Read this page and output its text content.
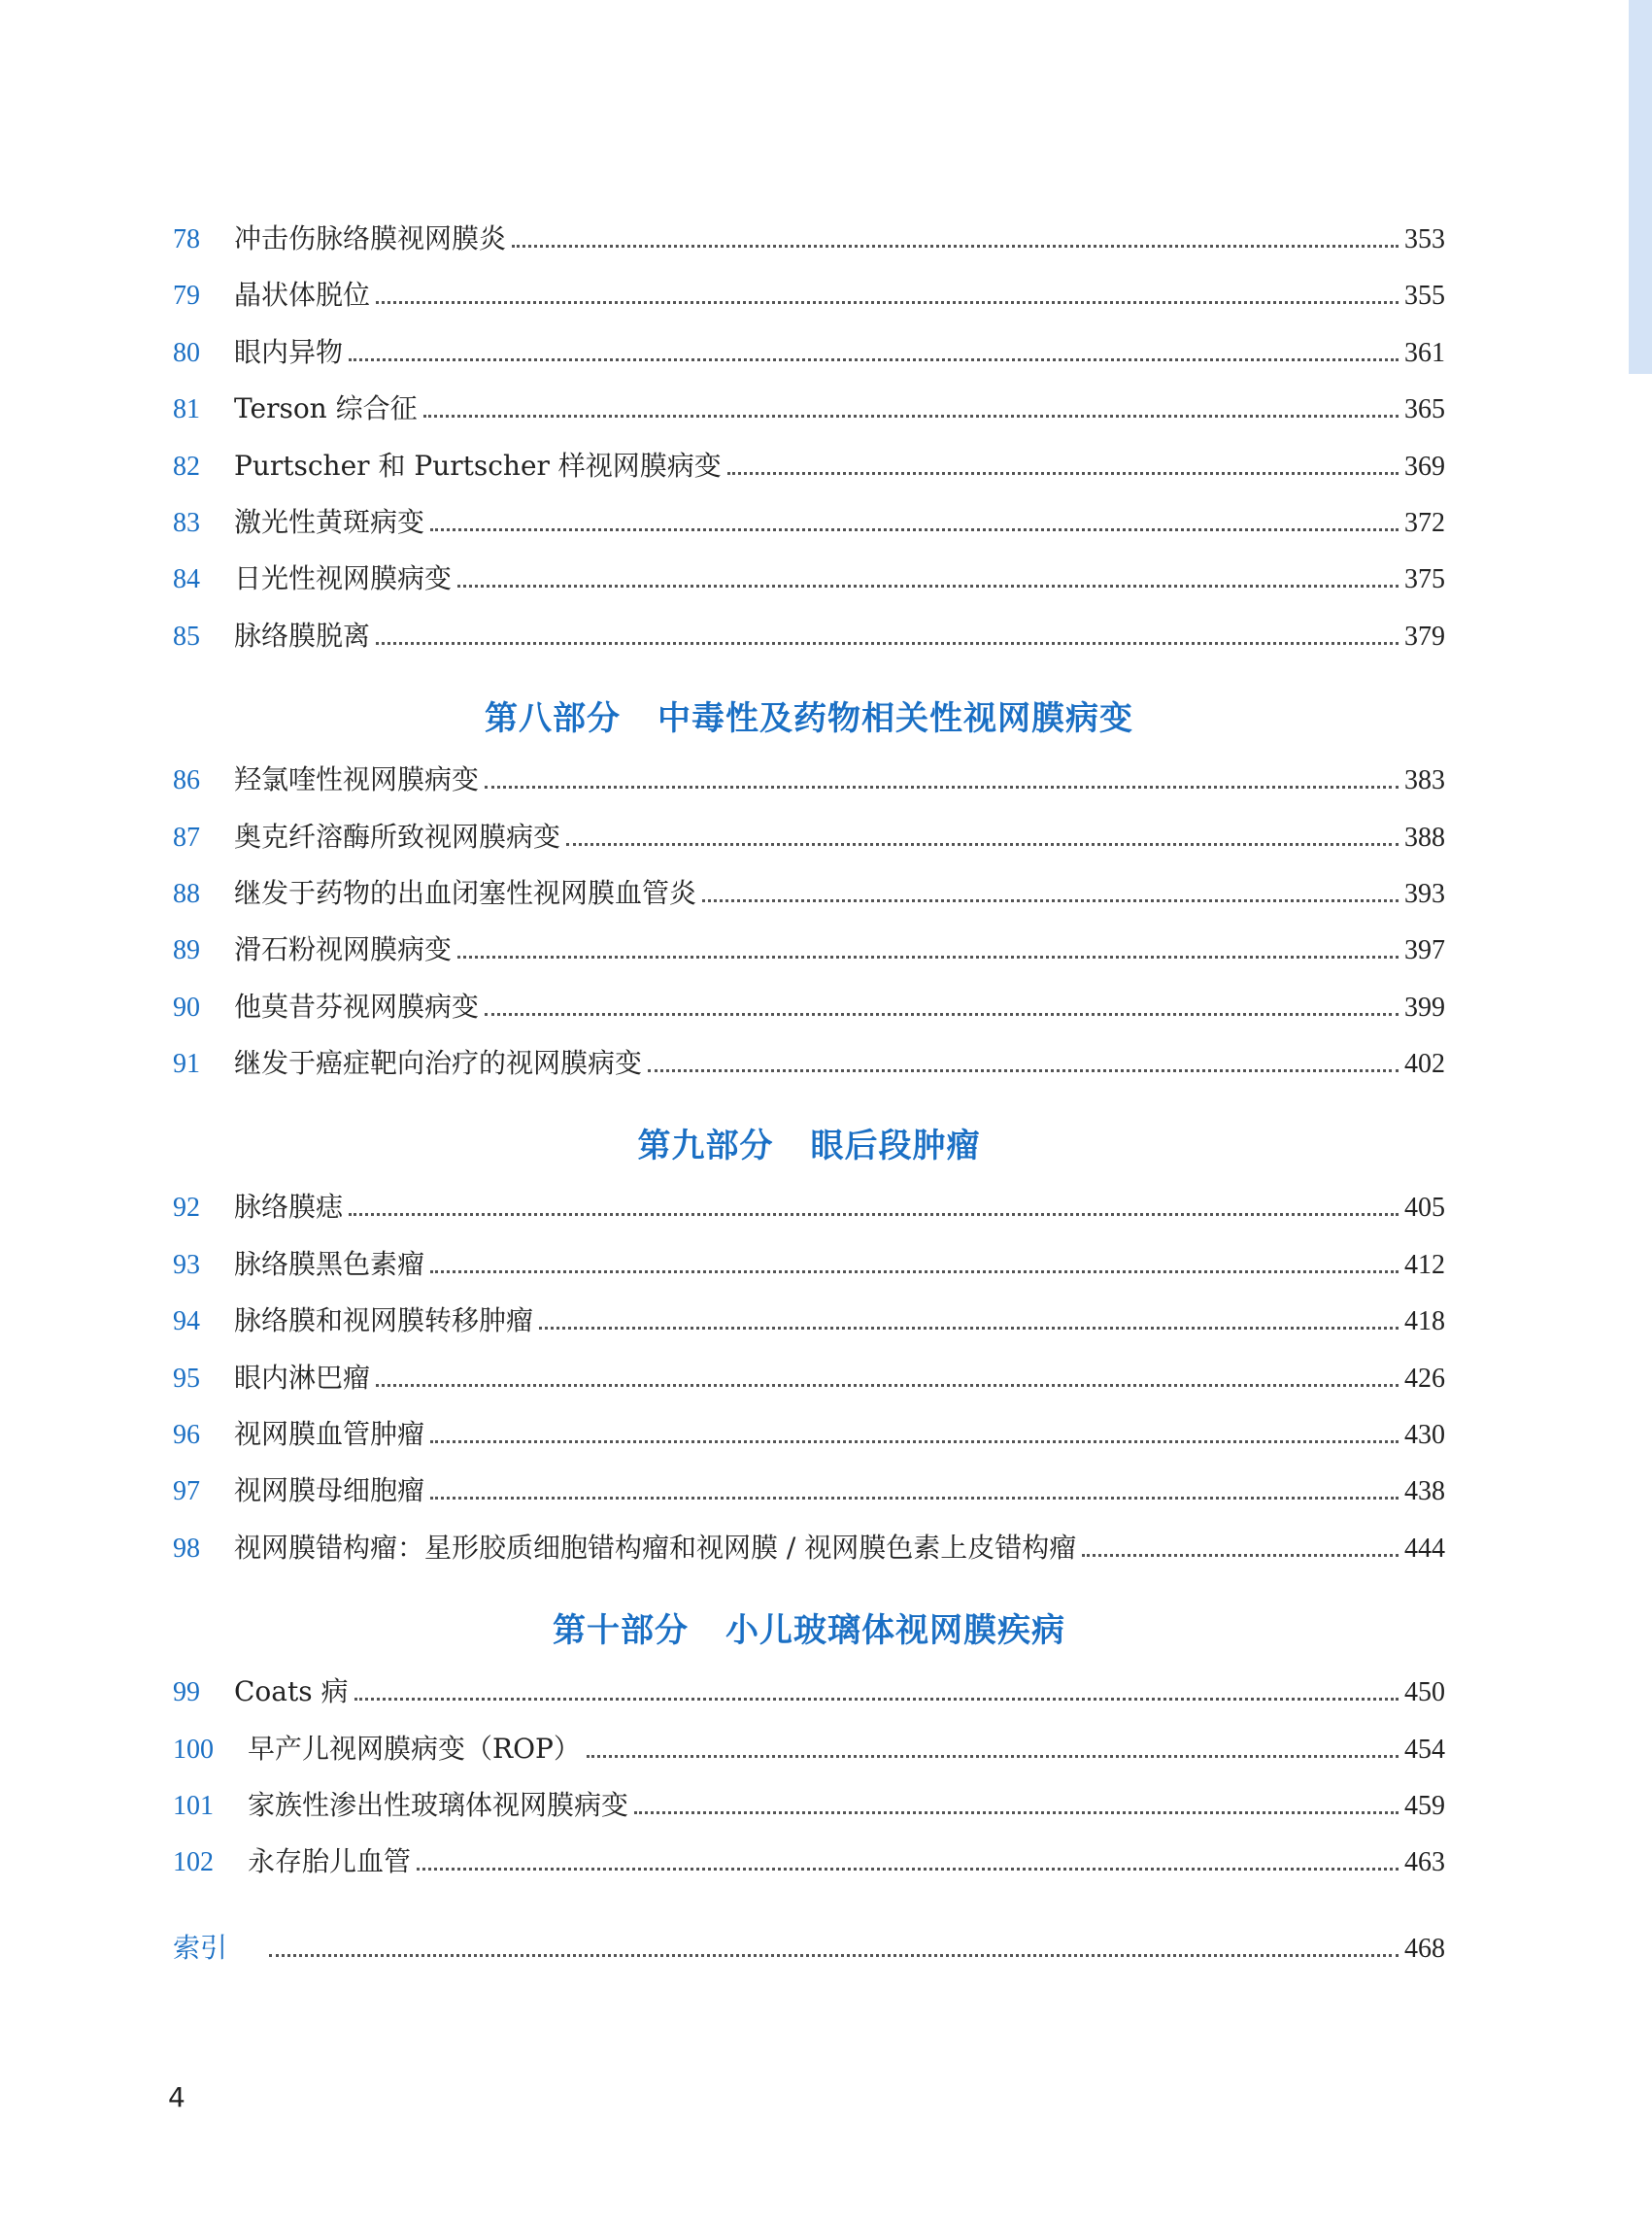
78	冲击伤脉络膜视网膜炎	353
79	晶状体脱位	355
80	眼内异物	361
81	Terson 综合征	365
82	Purtscher 和 Purtscher 样视网膜病变	369
83	激光性黄斑病变	372
84	日光性视网膜病变	375
85	脉络膜脱离	379
第八部分 中毒性及药物相关性视网膜病变
86	羟氯喹性视网膜病变	383
87	奥克纤溶酶所致视网膜病变	388
88	继发于药物的出血闭塞性视网膜血管炎	393
89	滑石粉视网膜病变	397
90	他莫昔芬视网膜病变	399
91	继发于癌症靶向治疗的视网膜病变	402
第九部分 眼后段肿瘤
92	脉络膜痣	405
93	脉络膜黑色素瘤	412
94	脉络膜和视网膜转移肿瘤	418
95	眼内淋巴瘤	426
96	视网膜血管肿瘤	430
97	视网膜母细胞瘤	438
98	视网膜错构瘤：星形胶质细胞错构瘤和视网膜 / 视网膜色素上皮错构瘤	444
第十部分 小儿玻璃体视网膜疾病
99	Coats 病	450
100	早产儿视网膜病变（ROP）	454
101	家族性渗出性玻璃体视网膜病变	459
102	永存胎儿血管	463
索引	468
4
